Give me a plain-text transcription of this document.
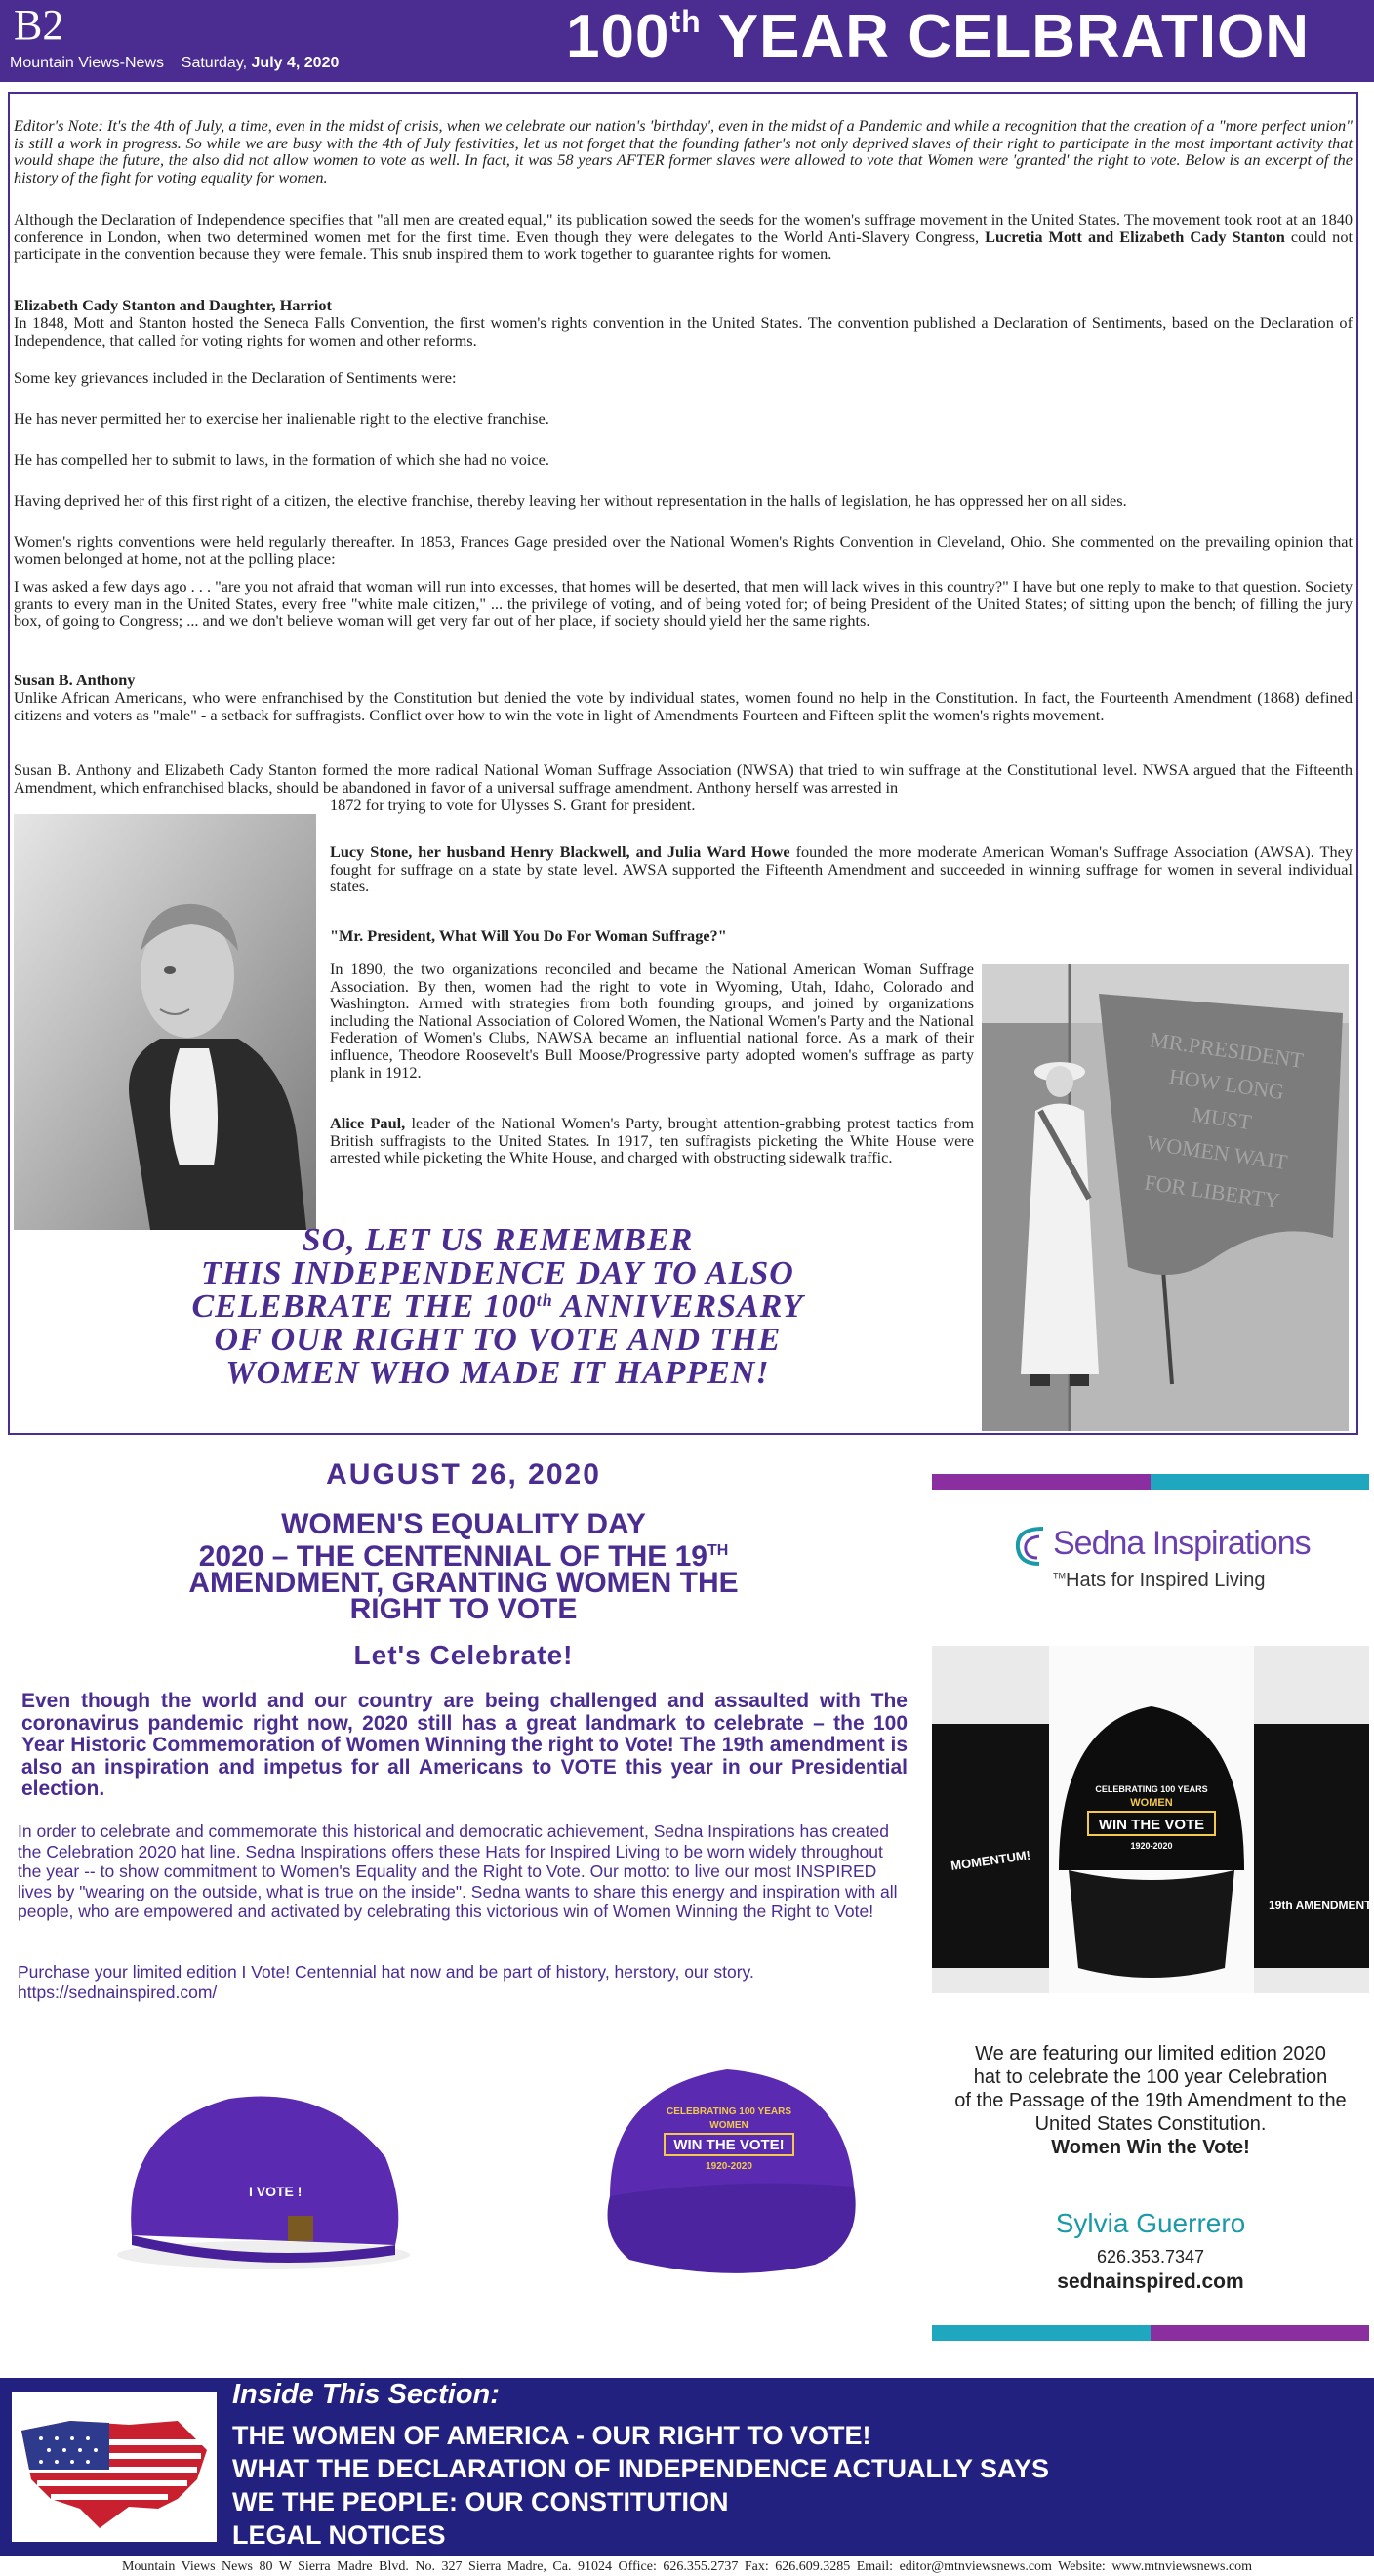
B2
Mountain Views-News Saturday, July 4, 2020	100th YEAR CELBRATION

Editor's Note: It's the 4th of July, a time, even in the midst of crisis, when we celebrate our nation's 'birthday', even in the midst of a Pandemic and while a recognition that the creation of a "more perfect union" is still a work in progress. So while we are busy with the 4th of July festivities, let us not forget that the founding father's not only deprived slaves of their right to participate in the most important activity that would shape the future, the also did not allow women to vote as well. In fact, it was 58 years AFTER former slaves were allowed to vote that Women were 'granted' the right to vote. Below is an excerpt of the history of the fight for voting equality for women.

Although the Declaration of Independence specifies that "all men are created equal," its publication sowed the seeds for the women's suffrage movement in the United States. The movement took root at an 1840 conference in London, when two determined women met for the first time. Even though they were delegates to the World Anti-Slavery Congress, Lucretia Mott and Elizabeth Cady Stanton could not participate in the convention because they were female. This snub inspired them to work together to guarantee rights for women.

Elizabeth Cady Stanton and Daughter, Harriot

In 1848, Mott and Stanton hosted the Seneca Falls Convention, the first women's rights convention in the United States. The convention published a Declaration of Sentiments, based on the Declaration of Independence, that called for voting rights for women and other reforms.

Some key grievances included in the Declaration of Sentiments were:

He has never permitted her to exercise her inalienable right to the elective franchise.

He has compelled her to submit to laws, in the formation of which she had no voice.

Having deprived her of this first right of a citizen, the elective franchise, thereby leaving her without representation in the halls of legislation, he has oppressed her on all sides.

Women's rights conventions were held regularly thereafter. In 1853, Frances Gage presided over the National Women's Rights Convention in Cleveland, Ohio. She commented on the prevailing opinion that women belonged at home, not at the polling place:

I was asked a few days ago . . . "are you not afraid that woman will run into excesses, that homes will be deserted, that men will lack wives in this country?" I have but one reply to make to that question. Society grants to every man in the United States, every free "white male citizen," ... the privilege of voting, and of being voted for; of being President of the United States; of sitting upon the bench; of filling the jury box, of going to Congress; ... and we don't believe woman will get very far out of her place, if society should yield her the same rights.

Susan B. Anthony

Unlike African Americans, who were enfranchised by the Constitution but denied the vote by individual states, women found no help in the Constitution. In fact, the Fourteenth Amendment (1868) defined citizens and voters as "male" - a setback for suffragists. Conflict over how to win the vote in light of Amendments Fourteen and Fifteen split the women's rights movement.

Susan B. Anthony and Elizabeth Cady Stanton formed the more radical National Woman Suffrage Association (NWSA) that tried to win suffrage at the Constitutional level. NWSA argued that the Fifteenth Amendment, which enfranchised blacks, should be abandoned in favor of a universal suffrage amendment. Anthony herself was arrested in

1872 for trying to vote for Ulysses S. Grant for president.

Lucy Stone, her husband Henry Blackwell, and Julia Ward Howe founded the more moderate American Woman's Suffrage Association (AWSA). They fought for suffrage on a state by state level. AWSA supported the Fifteenth Amendment and succeeded in winning suffrage for women in several individual states.

"Mr. President, What Will You Do For Woman Suffrage?"

In 1890, the two organizations reconciled and became the National American Woman Suffrage Association. By then, women had the right to vote in Wyoming, Utah, Idaho, Colorado and Washington. Armed with strategies from both founding groups, and joined by organizations including the National Association of Colored Women, the National Women's Party and the National Federation of Women's Clubs, NAWSA became an influential national force. As a mark of their influence, Theodore Roosevelt's Bull Moose/Progressive party adopted women's suffrage as party plank in 1912.

Alice Paul, leader of the National Women's Party, brought attention-grabbing protest tactics from British suffragists to the United States. In 1917, ten suffragists picketing the White House were arrested while picketing the White House, and charged with obstructing sidewalk traffic.

MR.PRESIDENT
HOW LONG
MUST
WOMEN WAIT
FOR LIBERTY
SO, LET US REMEMBER
THIS INDEPENDENCE DAY TO ALSO
CELEBRATE THE 100th ANNIVERSARY
OF OUR RIGHT TO VOTE AND THE
WOMEN WHO MADE IT HAPPEN!

AUGUST 26, 2020

WOMEN'S EQUALITY DAY
2020 – THE CENTENNIAL OF THE 19TH
AMENDMENT, GRANTING WOMEN THE
RIGHT TO VOTE

Let's Celebrate!

Even though the world and our country are being challenged and assaulted with The coronavirus pandemic right now, 2020 still has a great landmark to celebrate – the 100 Year Historic Commemoration of Women Winning the right to Vote! The 19th amendment is also an inspiration and impetus for all Americans to VOTE this year in our Presidential election.

In order to celebrate and commemorate this historical and democratic achievement, Sedna Inspirations has created the Celebration 2020 hat line. Sedna Inspirations offers these Hats for Inspired Living to be worn widely throughout the year -- to show commitment to Women's Equality and the Right to Vote. Our motto: to live our most INSPIRED lives by "wearing on the outside, what is true on the inside". Sedna wants to share this energy and inspiration with all people, who are empowered and activated by celebrating this victorious win of Women Winning the Right to Vote!

Purchase your limited edition I Vote! Centennial hat now and be part of history, herstory, our story. https://sednainspired.com/

I VOTE !
CELEBRATING 100 YEARS
WOMEN
WIN THE VOTE!
1920-2020
Sedna Inspirations
™Hats for Inspired Living
MOMENTUM!
19th AMENDMENT
CELEBRATING 100 YEARS
WOMEN
WIN THE VOTE
1920-2020
We are featuring our limited edition 2020
hat to celebrate the 100 year Celebration
of the Passage of the 19th Amendment to the
United States Constitution.
Women Win the Vote!
Sylvia Guerrero
626.353.7347
sednainspired.com
Inside This Section:
THE WOMEN OF AMERICA - OUR RIGHT TO VOTE!
WHAT THE DECLARATION OF INDEPENDENCE ACTUALLY SAYS
WE THE PEOPLE: OUR CONSTITUTION
LEGAL NOTICES
Mountain Views News 80 W Sierra Madre Blvd. No. 327 Sierra Madre, Ca. 91024 Office: 626.355.2737 Fax: 626.609.3285 Email: editor@mtnviewsnews.com Website: www.mtnviewsnews.com
